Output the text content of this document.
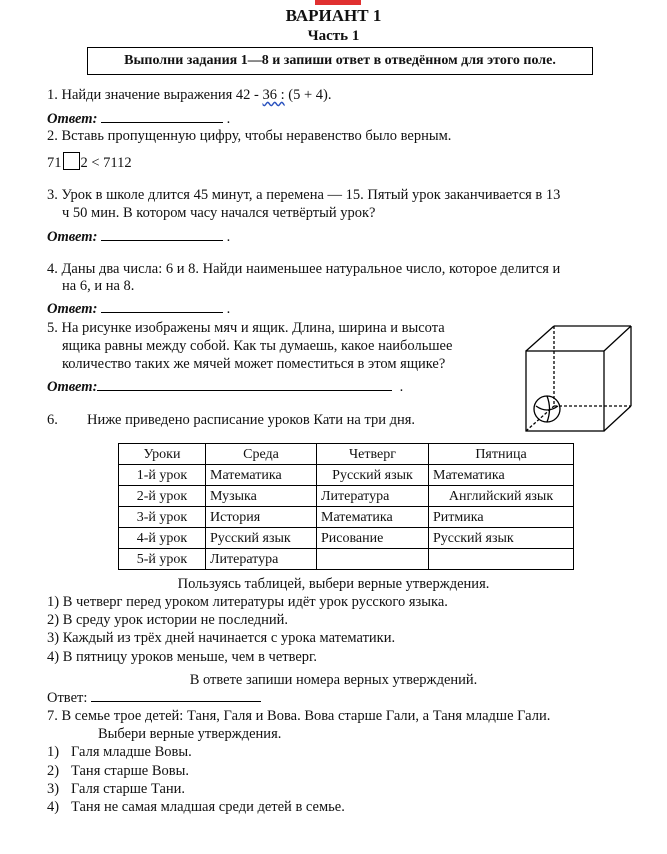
ВАРИАНТ 1
Часть 1
Выполни задания 1—8 и запиши ответ в отведённом для этого поле.
1. Найди значение выражения 42 - 36 : (5 + 4).
Ответ:	.
2. Вставь пропущенную цифру, чтобы неравенство было верным.
71 2 < 7112
3. Урок в школе длится 45 минут, а перемена — 15. Пятый урок заканчивается в 13
ч 50 мин. В котором часу начался четвёртый урок?
Ответ:	.
4. Даны два числа: 6 и 8. Найди наименьшее натуральное число, которое делится и
на 6, и на 8.
Ответ:	.
5. На рисунке изображены мяч и ящик. Длина, ширина и высота
ящика равны между собой. Как ты думаешь, какое наибольшее
количество таких же мячей может поместиться в этом ящике?
Ответ:	.
6. Ниже приведено расписание уроков Кати на три дня.
Уроки	Среда	Четверг	Пятница
1-й урок	Математика	Русский язык	Математика
2-й урок	Музыка	Литература	Английский язык
3-й урок	История	Математика	Ритмика
4-й урок	Русский язык	Рисование	Русский язык
5-й урок	Литература		
Пользуясь таблицей, выбери верные утверждения.
1) В четверг перед уроком литературы идёт урок русского языка.
2) В среду урок истории не последний.
3) Каждый из трёх дней начинается с урока математики.
4) В пятницу уроков меньше, чем в четверг.
В ответе запиши номера верных утверждений.
Ответ:
7. В семье трое детей: Таня, Галя и Вова. Вова старше Гали, а Таня младше Гали.
Выбери верные утверждения.
1) Галя младше Вовы.
2) Таня старше Вовы.
3) Галя старше Тани.
4) Таня не самая младшая среди детей в семье.
